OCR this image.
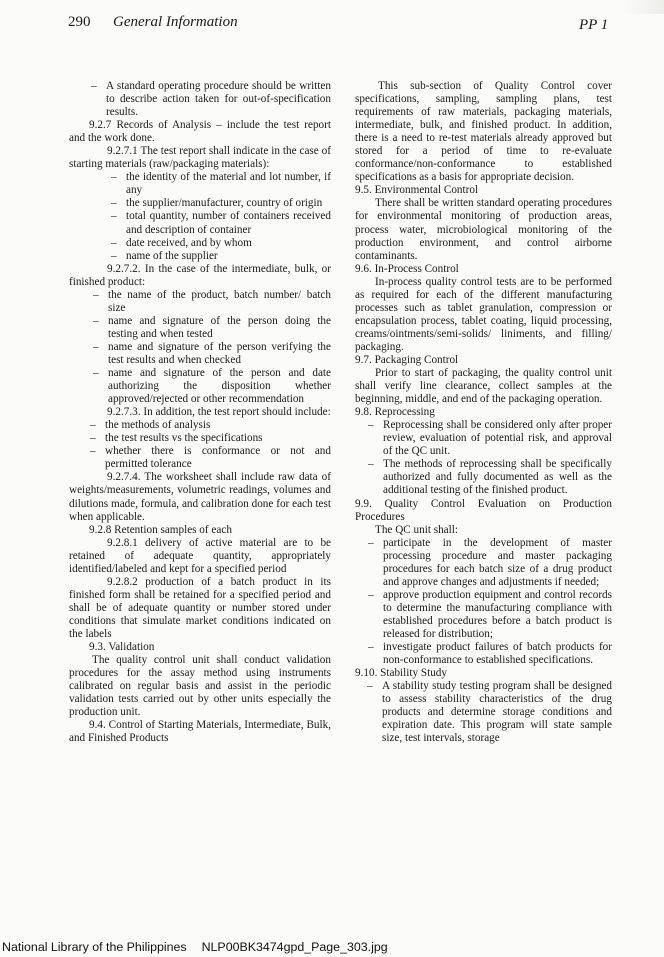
290 General Information	PP 1
– A standard operating procedure should be written to describe action taken for out-of-specification results.

9.2.7 Records of Analysis – include the test report and the work done.

9.2.7.1 The test report shall indicate in the case of starting materials (raw/packaging materials):

– the identity of the material and lot number, if any
– the supplier/manufacturer, country of origin
– total quantity, number of containers received and description of container
– date received, and by whom
– name of the supplier

9.2.7.2. In the case of the intermediate, bulk, or finished product:

– the name of the product, batch number/ batch size
– name and signature of the person doing the testing and when tested
– name and signature of the person verifying the test results and when checked
– name and signature of the person and date authorizing the disposition whether approved/rejected or other recommendation

9.2.7.3. In addition, the test report should include:

– the methods of analysis
– the test results vs the specifications
– whether there is conformance or not and permitted tolerance

9.2.7.4. The worksheet shall include raw data of weights/measurements, volumetric readings, volumes and dilutions made, formula, and calibration done for each test when applicable.

9.2.8 Retention samples of each

9.2.8.1 delivery of active material are to be retained of adequate quantity, appropriately identified/labeled and kept for a specified period

9.2.8.2 production of a batch product in its finished form shall be retained for a specified period and shall be of adequate quantity or number stored under conditions that simulate market conditions indicated on the labels

9.3. Validation

The quality control unit shall conduct validation procedures for the assay method using instruments calibrated on regular basis and assist in the periodic validation tests carried out by other units especially the production unit.

9.4. Control of Starting Materials, Intermediate, Bulk, and Finished Products

This sub-section of Quality Control cover specifications, sampling, sampling plans, test requirements of raw materials, packaging materials, intermediate, bulk, and finished product. In addition, there is a need to re-test materials already approved but stored for a period of time to re-evaluate conformance/non-conformance to established specifications as a basis for appropriate decision.

9.5. Environmental Control

There shall be written standard operating procedures for environmental monitoring of production areas, process water, microbiological monitoring of the production environment, and control airborne contaminants.

9.6. In-Process Control

In-process quality control tests are to be performed as required for each of the different manufacturing processes such as tablet granulation, compression or encapsulation process, tablet coating, liquid processing, creams/ointments/semi-solids/ liniments, and filling/ packaging.

9.7. Packaging Control

Prior to start of packaging, the quality control unit shall verify line clearance, collect samples at the beginning, middle, and end of the packaging operation.

9.8. Reprocessing

– Reprocessing shall be considered only after proper review, evaluation of potential risk, and approval of the QC unit.
– The methods of reprocessing shall be specifically authorized and fully documented as well as the additional testing of the finished product.

9.9. Quality Control Evaluation on Production Procedures

The QC unit shall:

– participate in the development of master processing procedure and master packaging procedures for each batch size of a drug product and approve changes and adjustments if needed;
– approve production equipment and control records to determine the manufacturing compliance with established procedures before a batch product is released for distribution;
– investigate product failures of batch products for non-conformance to established specifications.

9.10. Stability Study

– A stability study testing program shall be designed to assess stability characteristics of the drug products and determine storage conditions and expiration date. This program will state sample size, test intervals, storage
National Library of the Philippines NLP00BK3474gpd_Page_303.jpg
